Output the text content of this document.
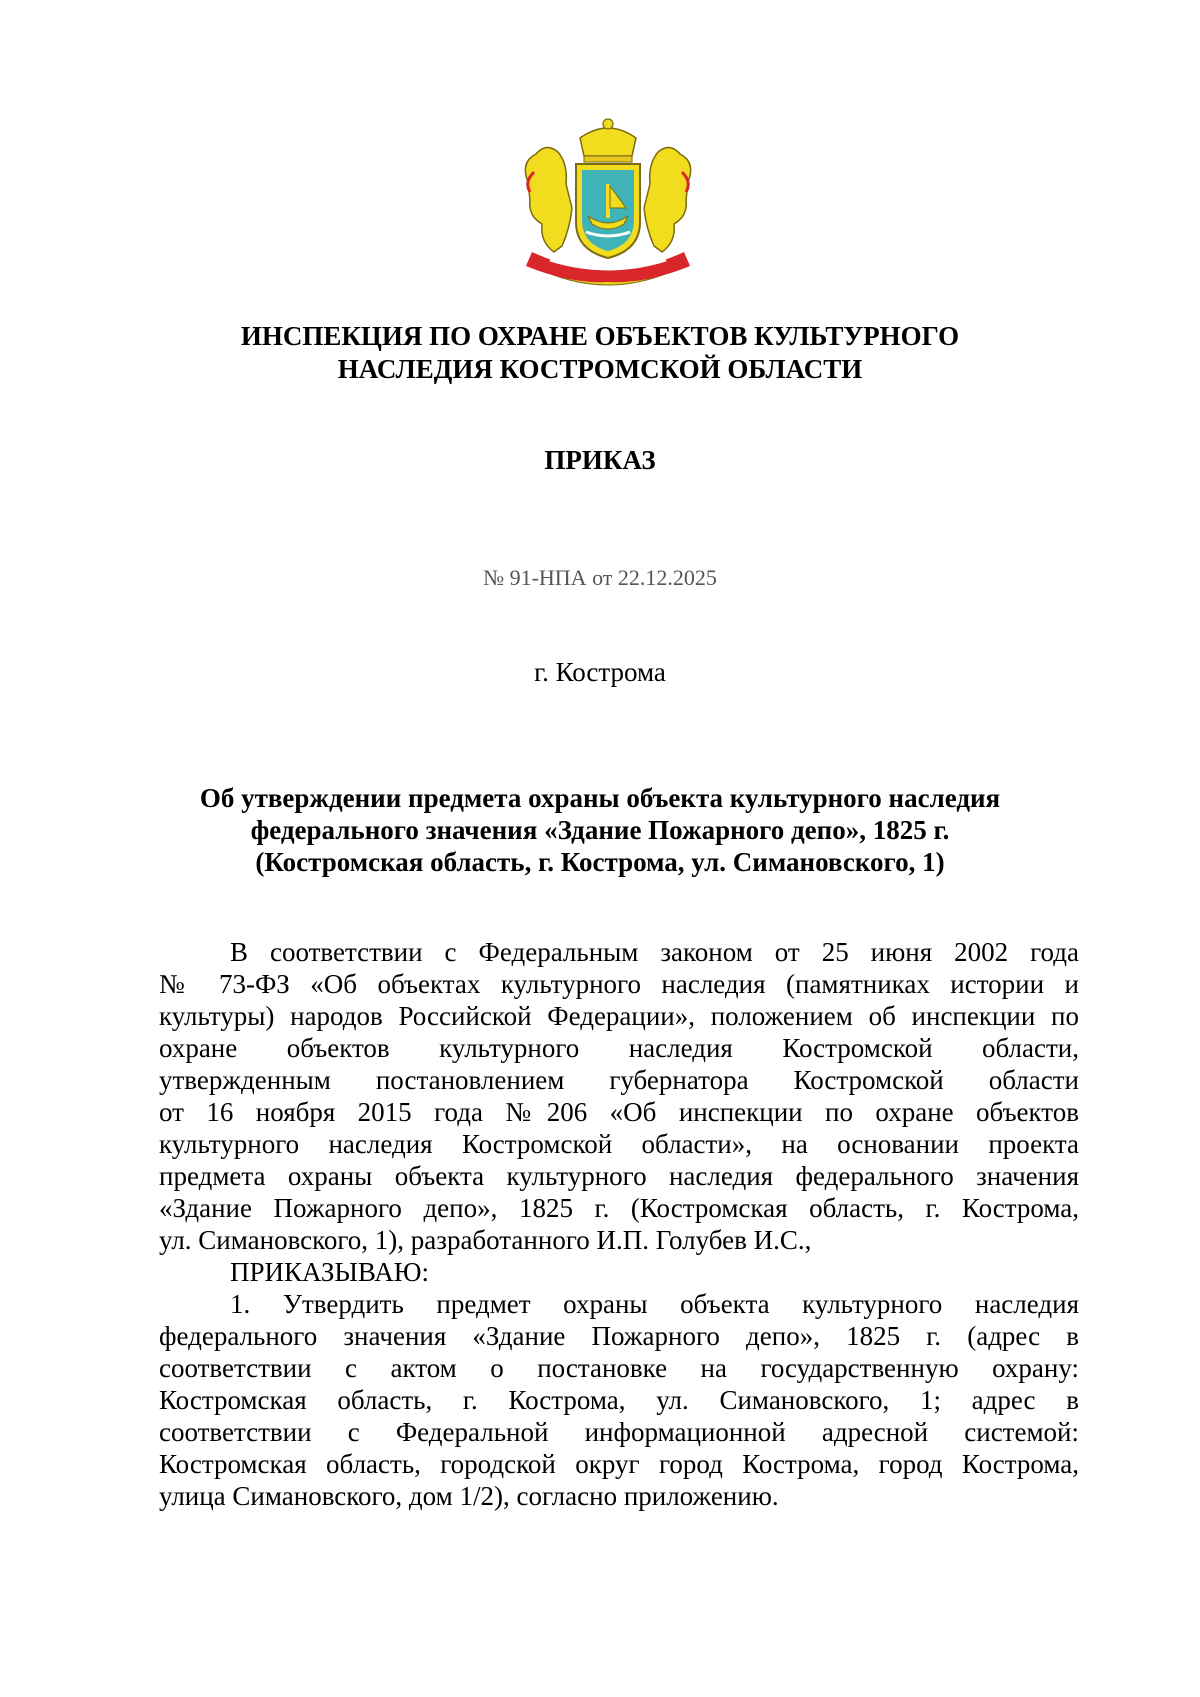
ИНСПЕКЦИЯ ПО ОХРАНЕ ОБЪЕКТОВ КУЛЬТУРНОГО
НАСЛЕДИЯ КОСТРОМСКОЙ ОБЛАСТИ
ПРИКАЗ
№ 91-НПА от 22.12.2025
г. Кострома
Об утверждении предмета охраны объекта культурного наследия
федерального значения «Здание Пожарного депо», 1825 г.
(Костромская область, г. Кострома, ул. Симановского, 1)
В соответствии с Федеральным законом от 25 июня 2002 года
№ 73-ФЗ «Об объектах культурного наследия (памятниках истории и
культуры) народов Российской Федерации», положением об инспекции по
охране объектов культурного наследия Костромской области,
утвержденным постановлением губернатора Костромской области
от 16 ноября 2015 года №206 «Об инспекции по охране объектов
культурного наследия Костромской области», на основании проекта
предмета охраны объекта культурного наследия федерального значения
«Здание Пожарного депо», 1825 г. (Костромская область, г. Кострома,
ул. Симановского, 1), разработанного И.П. Голубев И.С.,
ПРИКАЗЫВАЮ:
1. Утвердить предмет охраны объекта культурного наследия
федерального значения «Здание Пожарного депо», 1825 г. (адрес в
соответствии с актом о постановке на государственную охрану:
Костромская область, г. Кострома, ул. Симановского, 1; адрес в
соответствии с Федеральной информационной адресной системой:
Костромская область, городской округ город Кострома, город Кострома,
улица Симановского, дом 1/2), согласно приложению.
